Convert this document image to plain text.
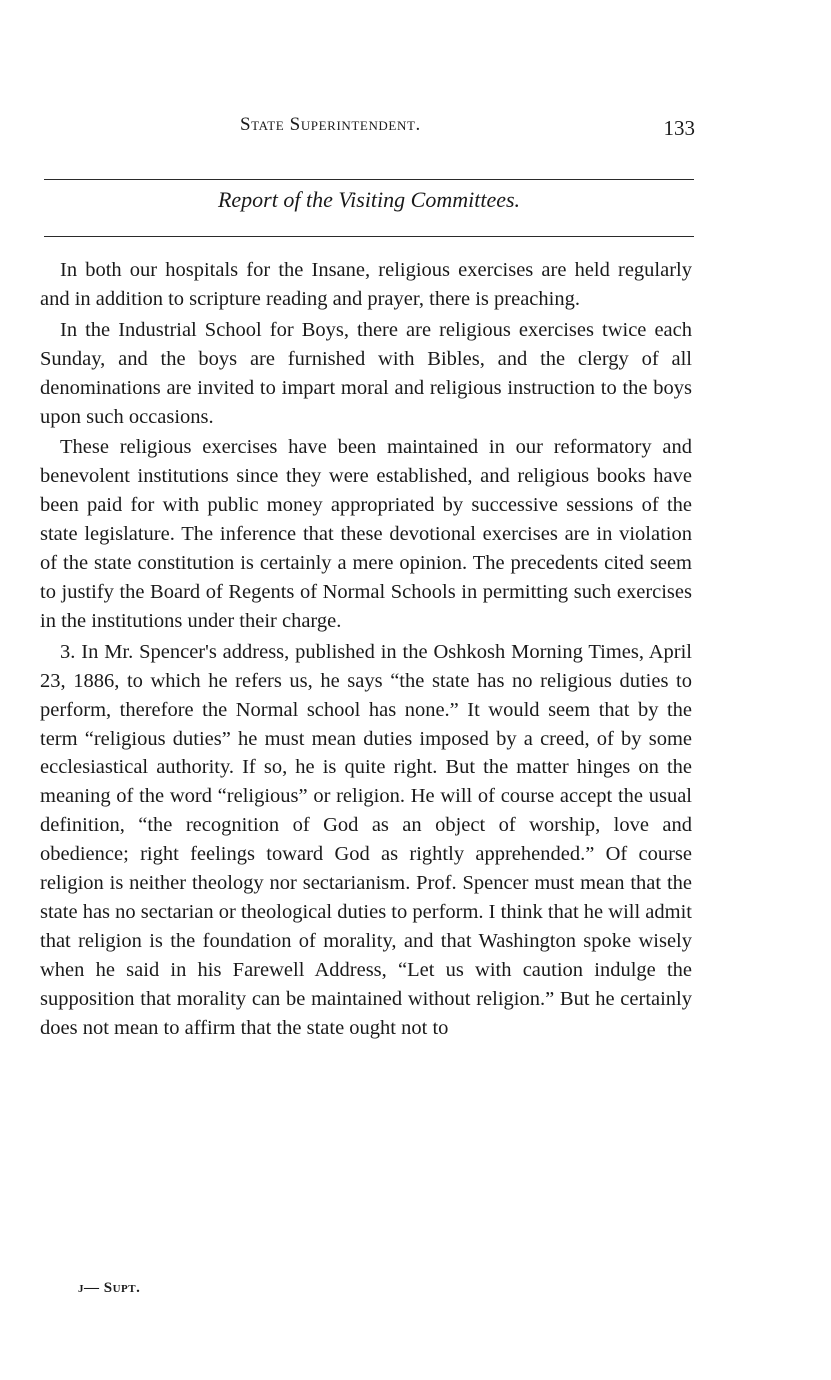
State Superintendent.	133
Report of the Visiting Committees.

In both our hospitals for the Insane, religious exercises are held regularly and in addition to scripture reading and prayer, there is preaching.

In the Industrial School for Boys, there are religious exercises twice each Sunday, and the boys are furnished with Bibles, and the clergy of all denominations are invited to impart moral and religious instruction to the boys upon such occasions.

These religious exercises have been maintained in our reformatory and benevolent institutions since they were established, and religious books have been paid for with public money appropriated by successive sessions of the state legislature. The inference that these devotional exercises are in violation of the state constitution is certainly a mere opinion. The precedents cited seem to justify the Board of Regents of Normal Schools in permitting such exercises in the institutions under their charge.

3. In Mr. Spencer's address, published in the Oshkosh Morning Times, April 23, 1886, to which he refers us, he says “the state has no religious duties to perform, therefore the Normal school has none.” It would seem that by the term “religious duties” he must mean duties imposed by a creed, of by some ecclesiastical authority. If so, he is quite right. But the matter hinges on the meaning of the word “religious” or religion. He will of course accept the usual definition, “the recognition of God as an object of worship, love and obedience; right feelings toward God as rightly apprehended.” Of course religion is neither theology nor sectarianism. Prof. Spencer must mean that the state has no sectarian or theological duties to perform. I think that he will admit that religion is the foundation of morality, and that Washington spoke wisely when he said in his Farewell Address, “Let us with caution indulge the supposition that morality can be maintained without religion.” But he certainly does not mean to affirm that the state ought not to

j— Supt.
